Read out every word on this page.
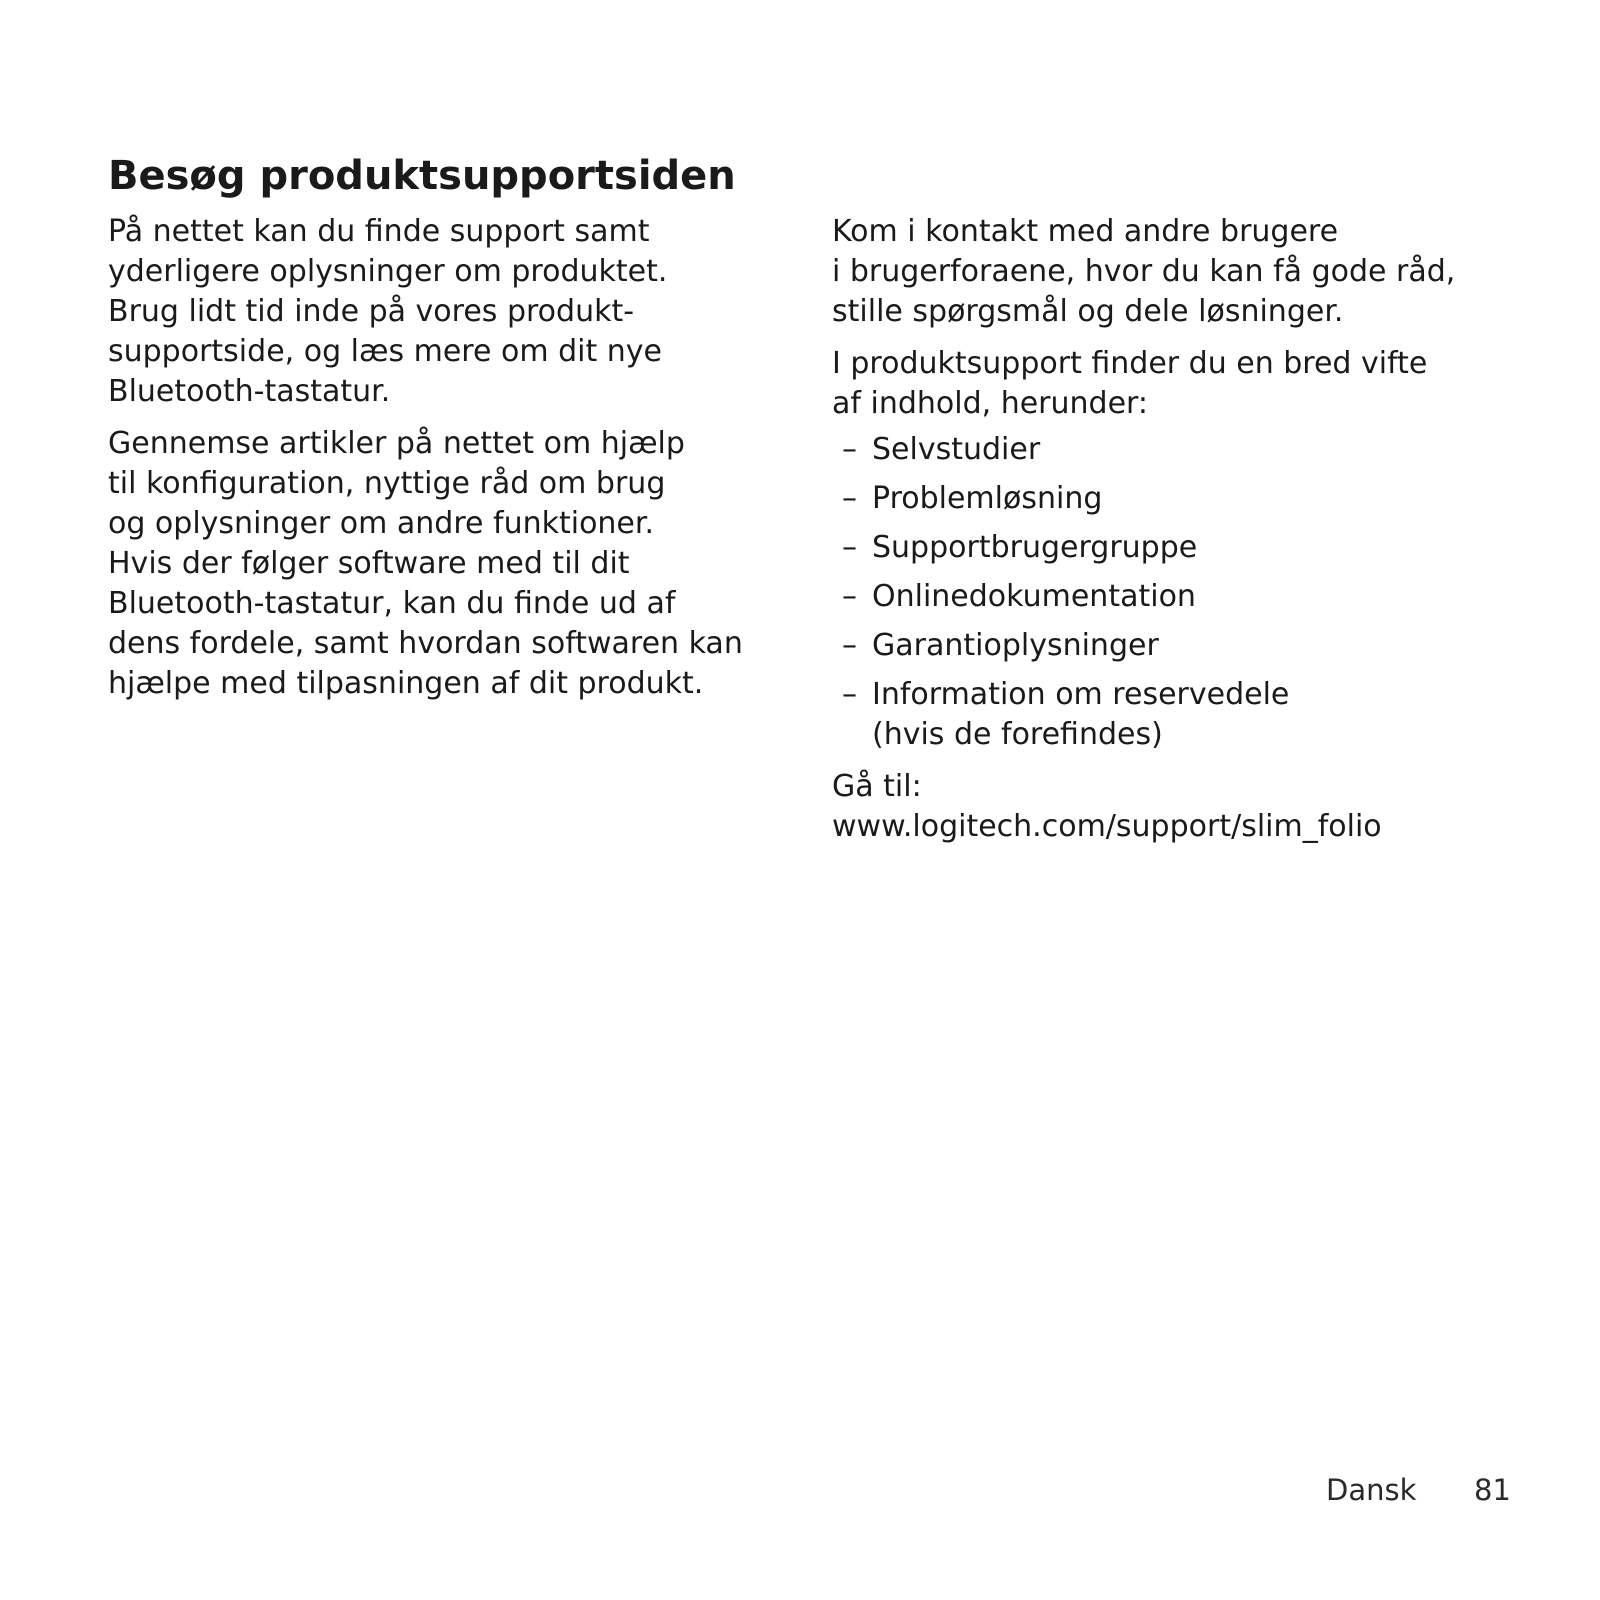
Besøg produktsupportsiden

På nettet kan du finde support samt
yderligere oplysninger om produktet.
Brug lidt tid inde på vores produkt-
supportside, og læs mere om dit nye
Bluetooth-tastatur.

Gennemse artikler på nettet om hjælp
til konfiguration, nyttige råd om brug
og oplysninger om andre funktioner.
Hvis der følger software med til dit
Bluetooth-tastatur, kan du finde ud af
dens fordele, samt hvordan softwaren kan
hjælpe med tilpasningen af dit produkt.

Kom i kontakt med andre brugere
i brugerforaene, hvor du kan få gode råd,
stille spørgsmål og dele løsninger.

I produktsupport finder du en bred vifte
af indhold, herunder:

– Selvstudier
– Problemløsning
– Supportbrugergruppe
– Onlinedokumentation
– Garantioplysninger
– Information om reservedele
(hvis de forefindes)

Gå til:
www.logitech.com/support/slim_folio

Dansk 81
